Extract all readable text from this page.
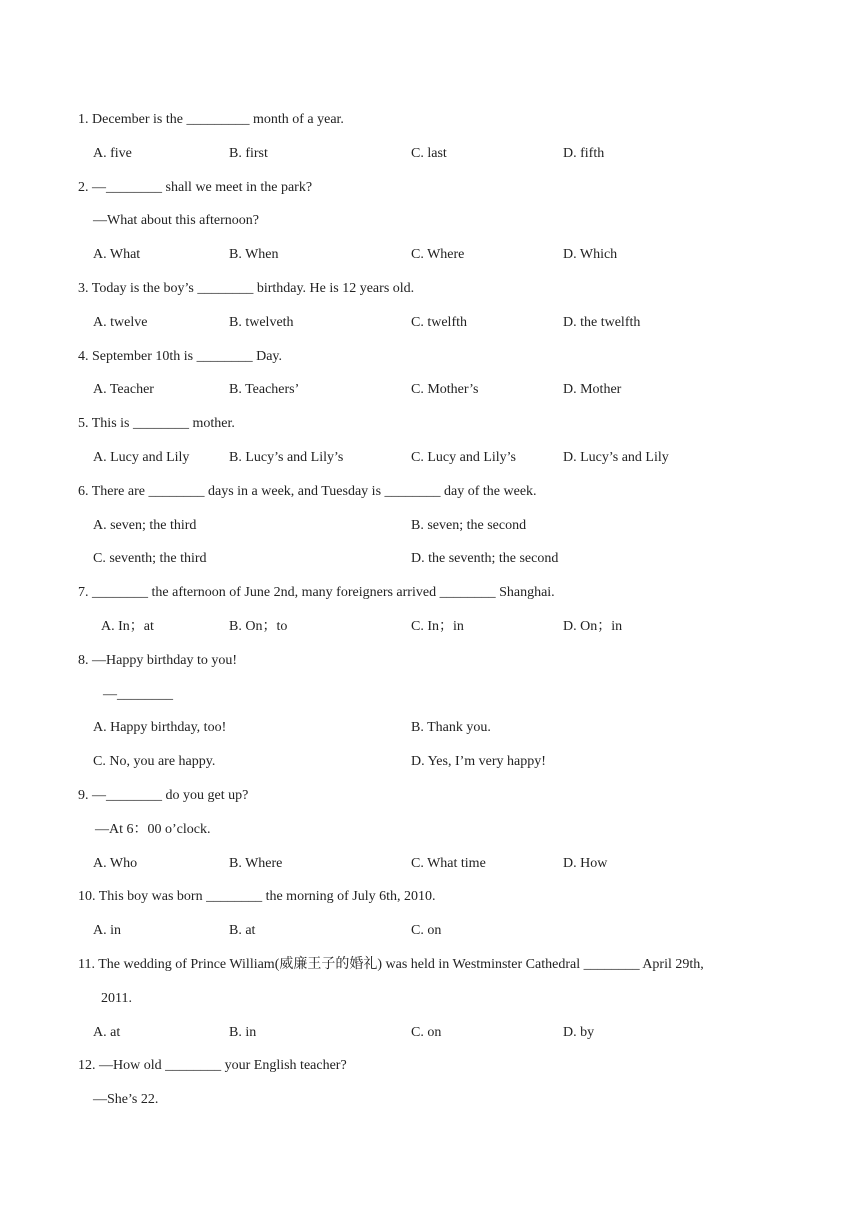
1. December is the _________ month of a year.
A. five	B. first	C. last	D. fifth
2. —________ shall we meet in the park?
—What about this afternoon?
A. What	B. When	C. Where	D. Which
3. Today is the boy’s ________ birthday. He is 12 years old.
A. twelve	B. twelveth	C. twelfth	D. the twelfth
4. September 10th is ________ Day.
A. Teacher	B. Teachers’	C. Mother’s	D. Mother
5. This is ________ mother.
A. Lucy and Lily	B. Lucy’s and Lily’s	C. Lucy and Lily’s	D. Lucy’s and Lily
6. There are ________ days in a week, and Tuesday is ________ day of the week.
A. seven; the third	B. seven; the second
C. seventh; the third	D. the seventh; the second
7. ________ the afternoon of June 2nd, many foreigners arrived ________ Shanghai.
A. In；at	B. On；to	C. In；in	D. On；in
8. —Happy birthday to you!
—________
A. Happy birthday, too!	B. Thank you.
C. No, you are happy.	D. Yes, I’m very happy!
9. —________ do you get up?
—At 6：00 o’clock.
A. Who	B. Where	C. What time	D. How
10. This boy was born ________ the morning of July 6th, 2010.
A. in	B. at	C. on
11. The wedding of Prince William(威廉王子的婚礼) was held in Westminster Cathedral ________ April 29th,
2011.
A. at	B. in	C. on	D. by
12. —How old ________ your English teacher?
—She’s 22.
